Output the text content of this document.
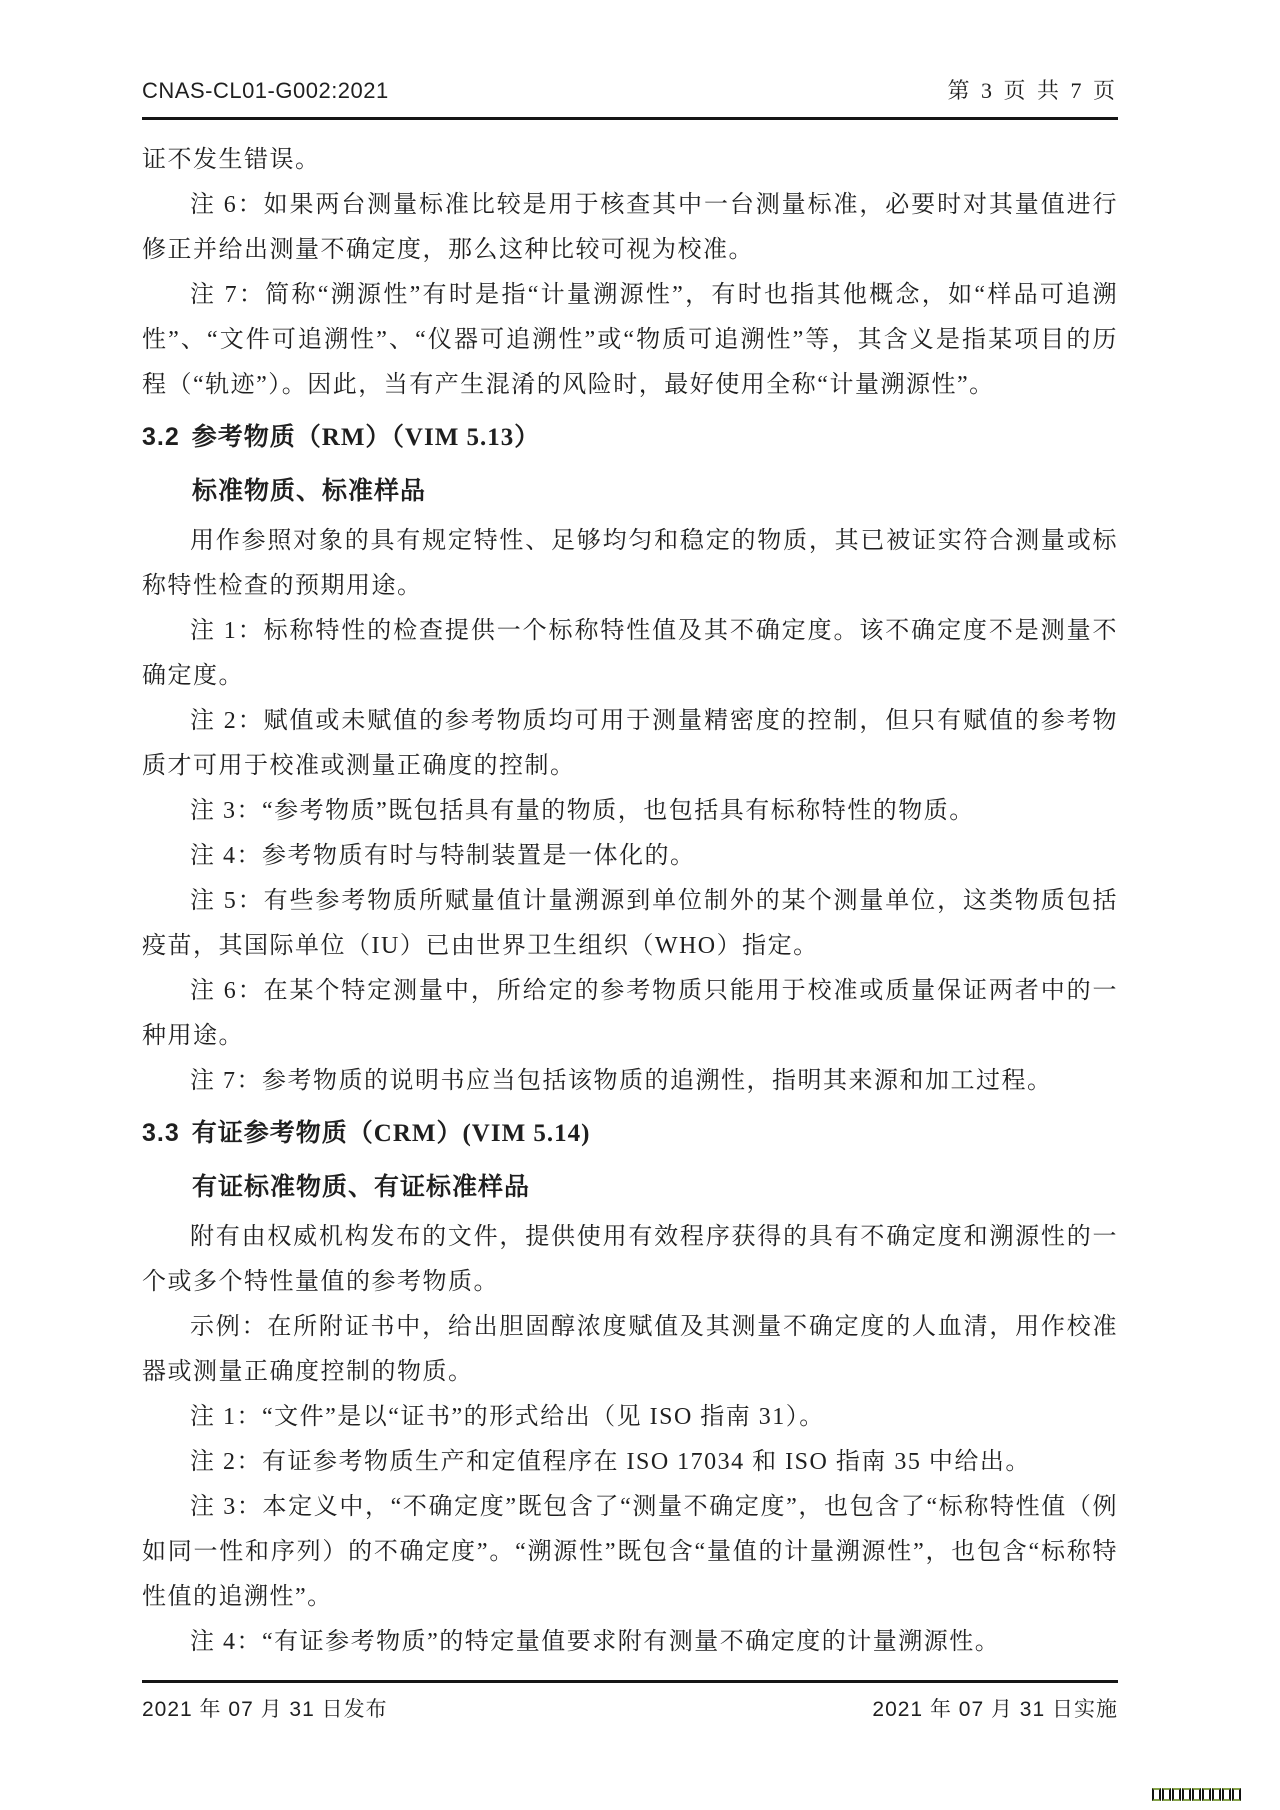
CNAS-CL01-G002:2021	第 3 页 共 7 页

证不发生错误。

注 6：如果两台测量标准比较是用于核查其中一台测量标准，必要时对其量值进行修正并给出测量不确定度，那么这种比较可视为校准。

注 7：简称“溯源性”有时是指“计量溯源性”，有时也指其他概念，如“样品可追溯性”、“文件可追溯性”、“仪器可追溯性”或“物质可追溯性”等，其含义是指某项目的历程（“轨迹”）。因此，当有产生混淆的风险时，最好使用全称“计量溯源性”。

3.2 参考物质（RM）（VIM 5.13）
标准物质、标准样品

用作参照对象的具有规定特性、足够均匀和稳定的物质，其已被证实符合测量或标称特性检查的预期用途。

注 1：标称特性的检查提供一个标称特性值及其不确定度。该不确定度不是测量不确定度。

注 2：赋值或未赋值的参考物质均可用于测量精密度的控制，但只有赋值的参考物质才可用于校准或测量正确度的控制。

注 3：“参考物质”既包括具有量的物质，也包括具有标称特性的物质。

注 4：参考物质有时与特制装置是一体化的。

注 5：有些参考物质所赋量值计量溯源到单位制外的某个测量单位，这类物质包括疫苗，其国际单位（IU）已由世界卫生组织（WHO）指定。

注 6：在某个特定测量中，所给定的参考物质只能用于校准或质量保证两者中的一种用途。

注 7：参考物质的说明书应当包括该物质的追溯性，指明其来源和加工过程。

3.3 有证参考物质（CRM）(VIM 5.14)
有证标准物质、有证标准样品

附有由权威机构发布的文件，提供使用有效程序获得的具有不确定度和溯源性的一个或多个特性量值的参考物质。

示例：在所附证书中，给出胆固醇浓度赋值及其测量不确定度的人血清，用作校准器或测量正确度控制的物质。

注 1：“文件”是以“证书”的形式给出（见 ISO 指南 31）。

注 2：有证参考物质生产和定值程序在 ISO 17034 和 ISO 指南 35 中给出。

注 3：本定义中，“不确定度”既包含了“测量不确定度”，也包含了“标称特性值（例如同一性和序列）的不确定度”。“溯源性”既包含“量值的计量溯源性”，也包含“标称特性值的追溯性”。

注 4：“有证参考物质”的特定量值要求附有测量不确定度的计量溯源性。

2021 年 07 月 31 日发布	2021 年 07 月 31 日实施
